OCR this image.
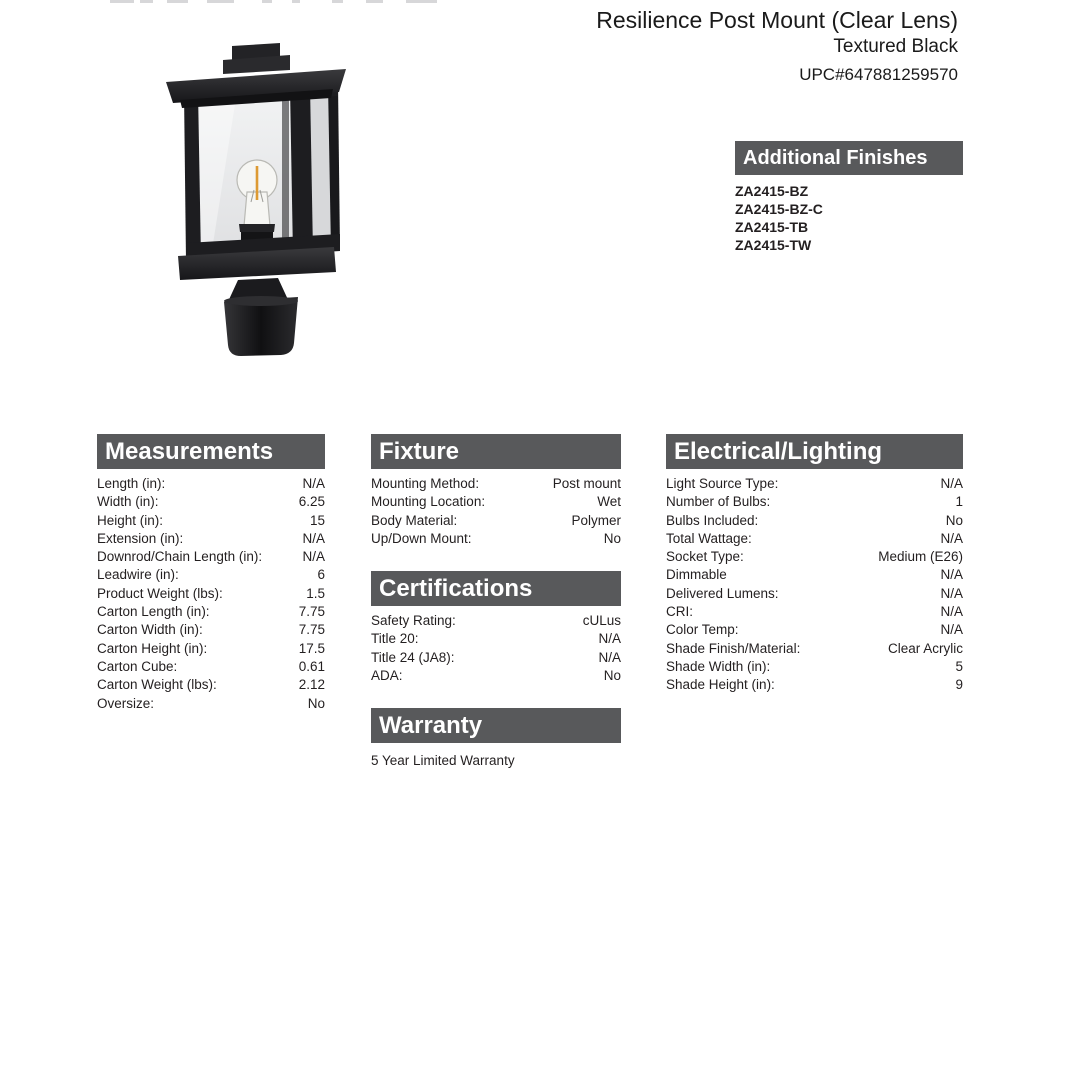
Resilience Post Mount (Clear Lens)
Textured Black
UPC#647881259570
Additional Finishes
ZA2415-BZ
ZA2415-BZ-C
ZA2415-TB
ZA2415-TW
Measurements
Length (in):	N/A
Width (in):	6.25
Height (in):	15
Extension (in):	N/A
Downrod/Chain Length (in):	N/A
Leadwire (in):	6
Product Weight (lbs):	1.5
Carton Length (in):	7.75
Carton Width (in):	7.75
Carton Height (in):	17.5
Carton Cube:	0.61
Carton Weight (lbs):	2.12
Oversize:	No
Fixture
Mounting Method:	Post mount
Mounting Location:	Wet
Body Material:	Polymer
Up/Down Mount:	No
Certifications
Safety Rating:	cULus
Title 20:	N/A
Title 24 (JA8):	N/A
ADA:	No
Warranty
5 Year Limited Warranty
Electrical/Lighting
Light Source Type:	N/A
Number of Bulbs:	1
Bulbs Included:	No
Total Wattage:	N/A
Socket Type:	Medium (E26)
Dimmable	N/A
Delivered Lumens:	N/A
CRI:	N/A
Color Temp:	N/A
Shade Finish/Material:	Clear Acrylic
Shade Width (in):	5
Shade Height (in):	9
